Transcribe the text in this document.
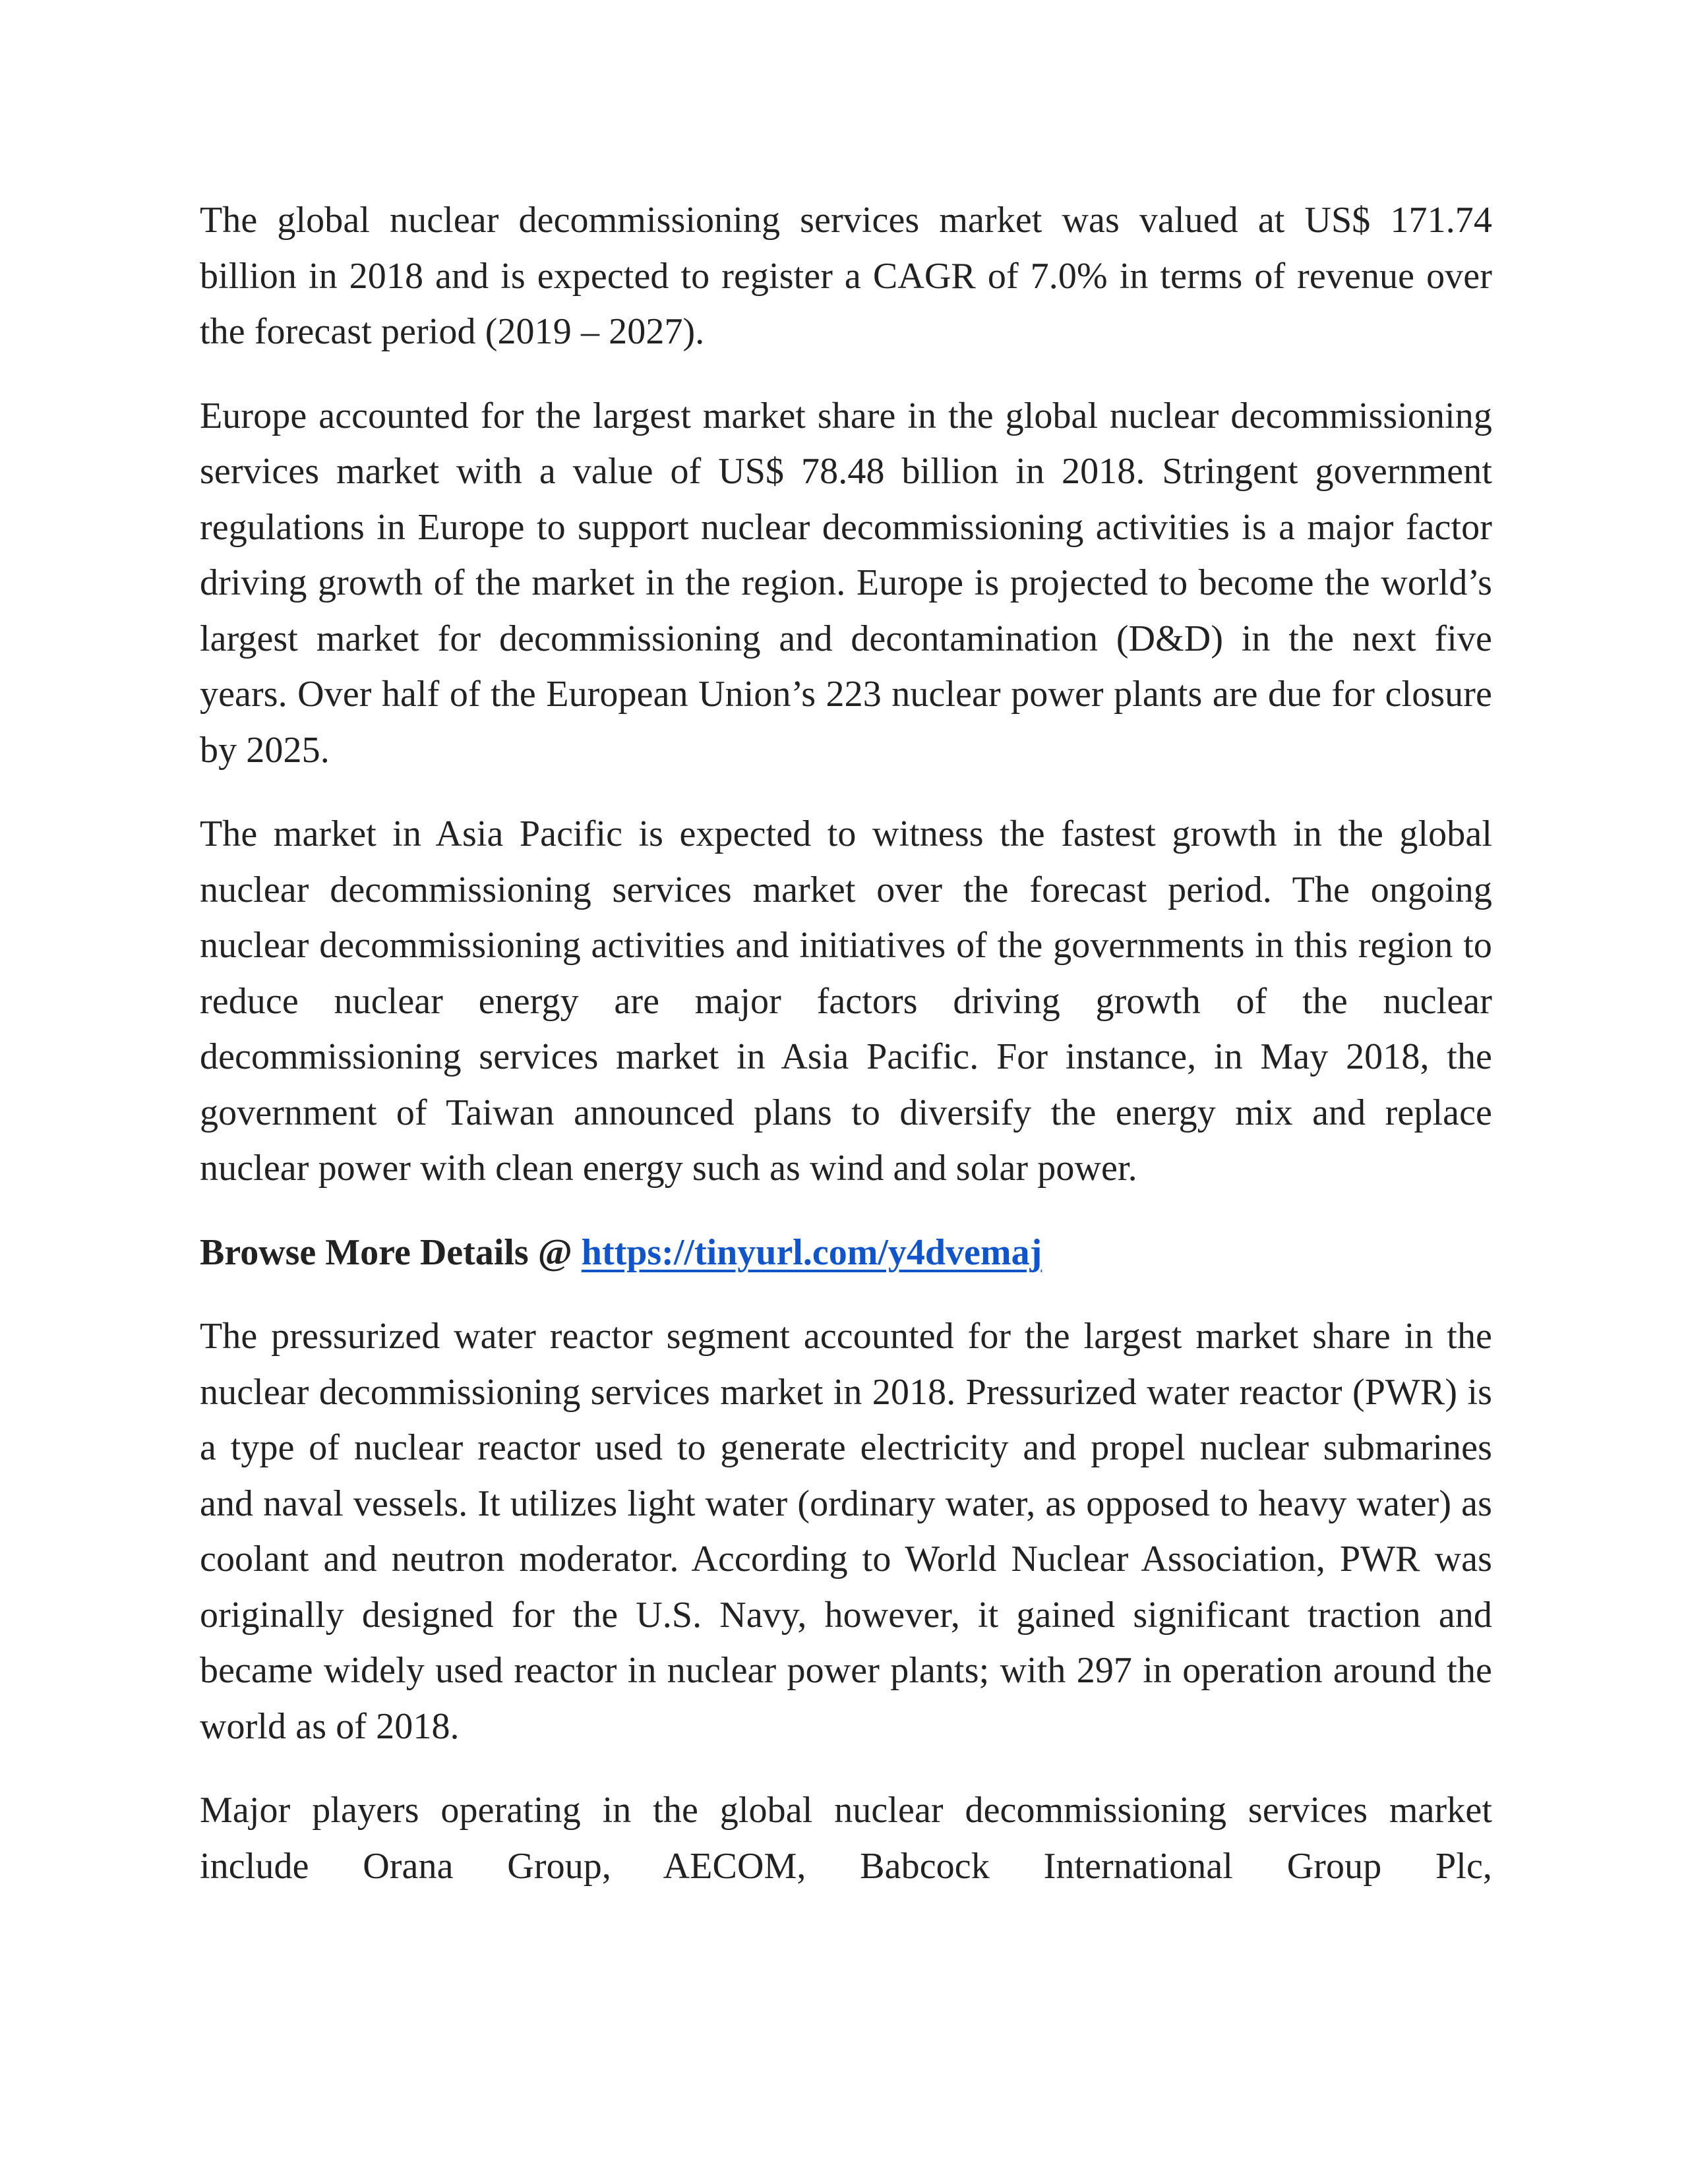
The global nuclear decommissioning services market was valued at US$ 171.74 billion in 2018 and is expected to register a CAGR of 7.0% in terms of revenue over the forecast period (2019 – 2027).

Europe accounted for the largest market share in the global nuclear decommissioning services market with a value of US$ 78.48 billion in 2018. Stringent government regulations in Europe to support nuclear decommissioning activities is a major factor driving growth of the market in the region. Europe is projected to become the world’s largest market for decommissioning and decontamination (D&D) in the next five years. Over half of the European Union’s 223 nuclear power plants are due for closure by 2025.

The market in Asia Pacific is expected to witness the fastest growth in the global nuclear decommissioning services market over the forecast period. The ongoing nuclear decommissioning activities and initiatives of the governments in this region to reduce nuclear energy are major factors driving growth of the nuclear decommissioning services market in Asia Pacific. For instance, in May 2018, the government of Taiwan announced plans to diversify the energy mix and replace nuclear power with clean energy such as wind and solar power.

Browse More Details @ https://tinyurl.com/y4dvemaj

The pressurized water reactor segment accounted for the largest market share in the nuclear decommissioning services market in 2018. Pressurized water reactor (PWR) is a type of nuclear reactor used to generate electricity and propel nuclear submarines and naval vessels. It utilizes light water (ordinary water, as opposed to heavy water) as coolant and neutron moderator. According to World Nuclear Association, PWR was originally designed for the U.S. Navy, however, it gained significant traction and became widely used reactor in nuclear power plants; with 297 in operation around the world as of 2018.

Major players operating in the global nuclear decommissioning services market include Orana Group, AECOM, Babcock International Group Plc,
